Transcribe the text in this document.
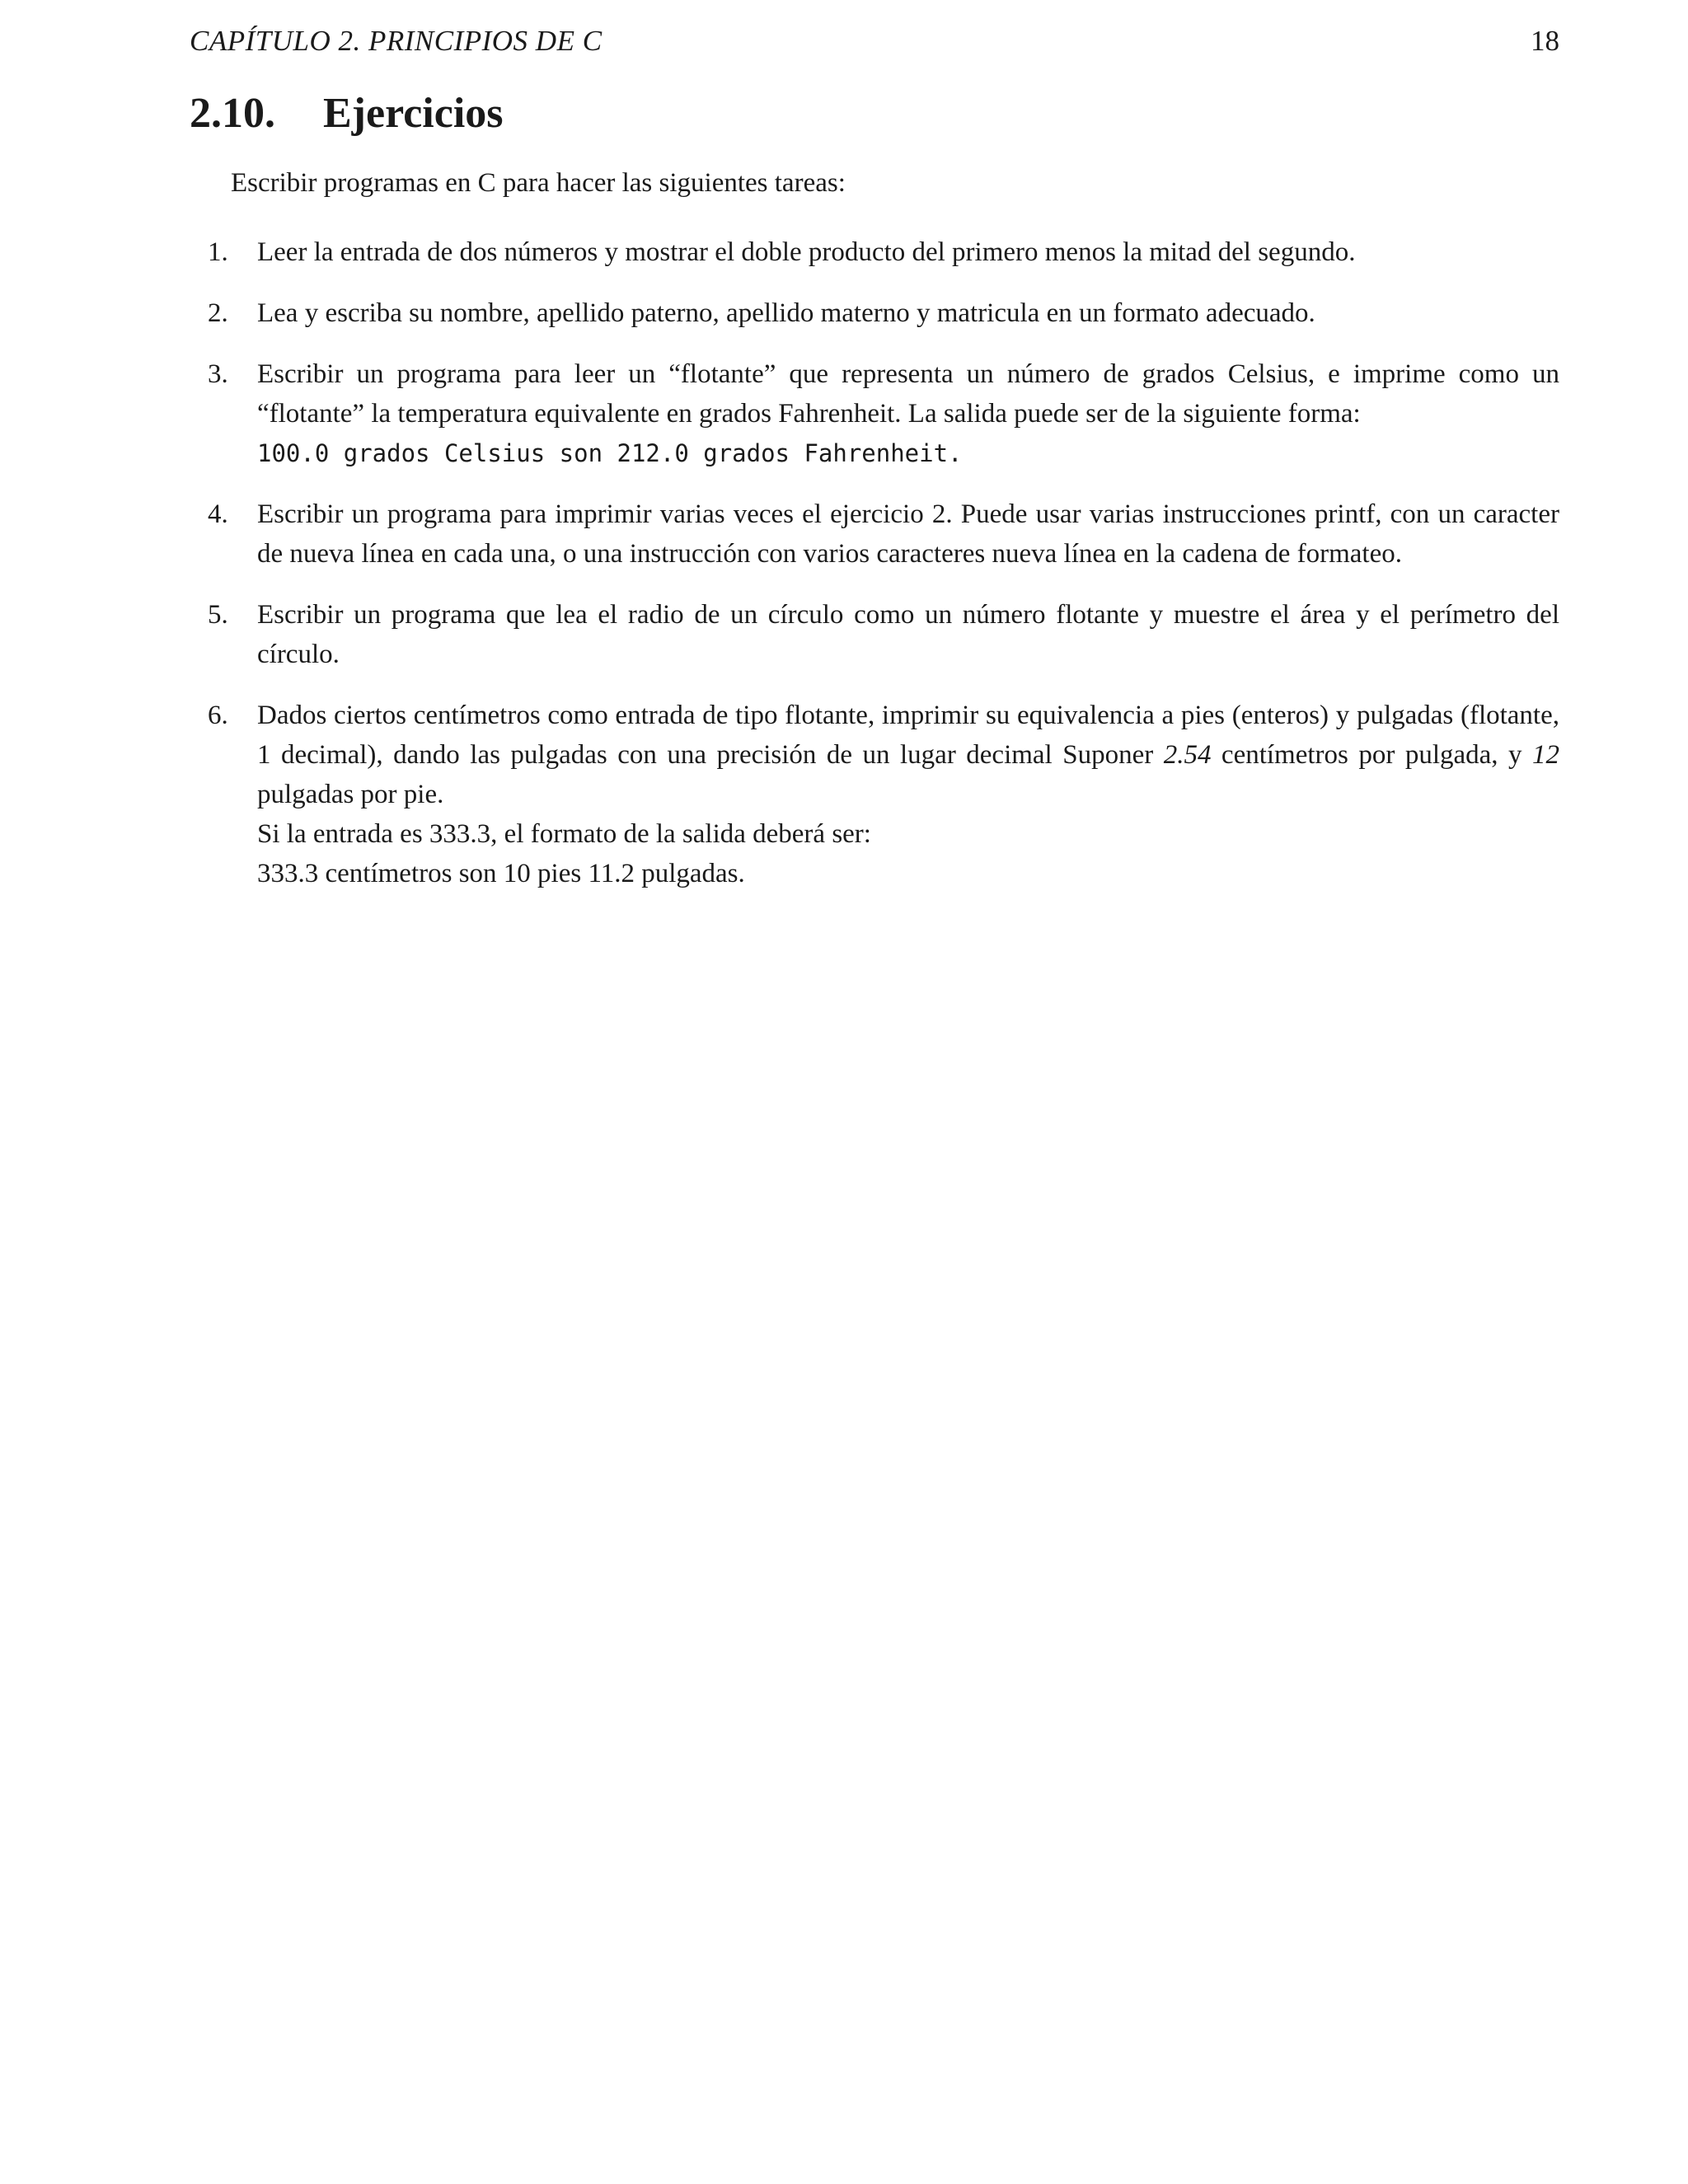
CAPÍTULO 2. PRINCIPIOS DE C	18
2.10. Ejercicios
Escribir programas en C para hacer las siguientes tareas:
1. Leer la entrada de dos números y mostrar el doble producto del primero menos la mitad del segundo.
2. Lea y escriba su nombre, apellido paterno, apellido materno y matricula en un formato adecuado.
3. Escribir un programa para leer un “flotante” que representa un número de grados Celsius, e imprime como un “flotante” la temperatura equivalente en grados Fahrenheit. La salida puede ser de la siguiente forma:
100.0 grados Celsius son 212.0 grados Fahrenheit.
4. Escribir un programa para imprimir varias veces el ejercicio 2. Puede usar varias instrucciones printf, con un caracter de nueva línea en cada una, o una instrucción con varios caracteres nueva línea en la cadena de formateo.
5. Escribir un programa que lea el radio de un círculo como un número flotante y muestre el área y el perímetro del círculo.
6. Dados ciertos centímetros como entrada de tipo flotante, imprimir su equivalencia a pies (enteros) y pulgadas (flotante, 1 decimal), dando las pulgadas con una precisión de un lugar decimal Suponer 2.54 centímetros por pulgada, y 12 pulgadas por pie.
Si la entrada es 333.3, el formato de la salida deberá ser:
333.3 centímetros son 10 pies 11.2 pulgadas.
